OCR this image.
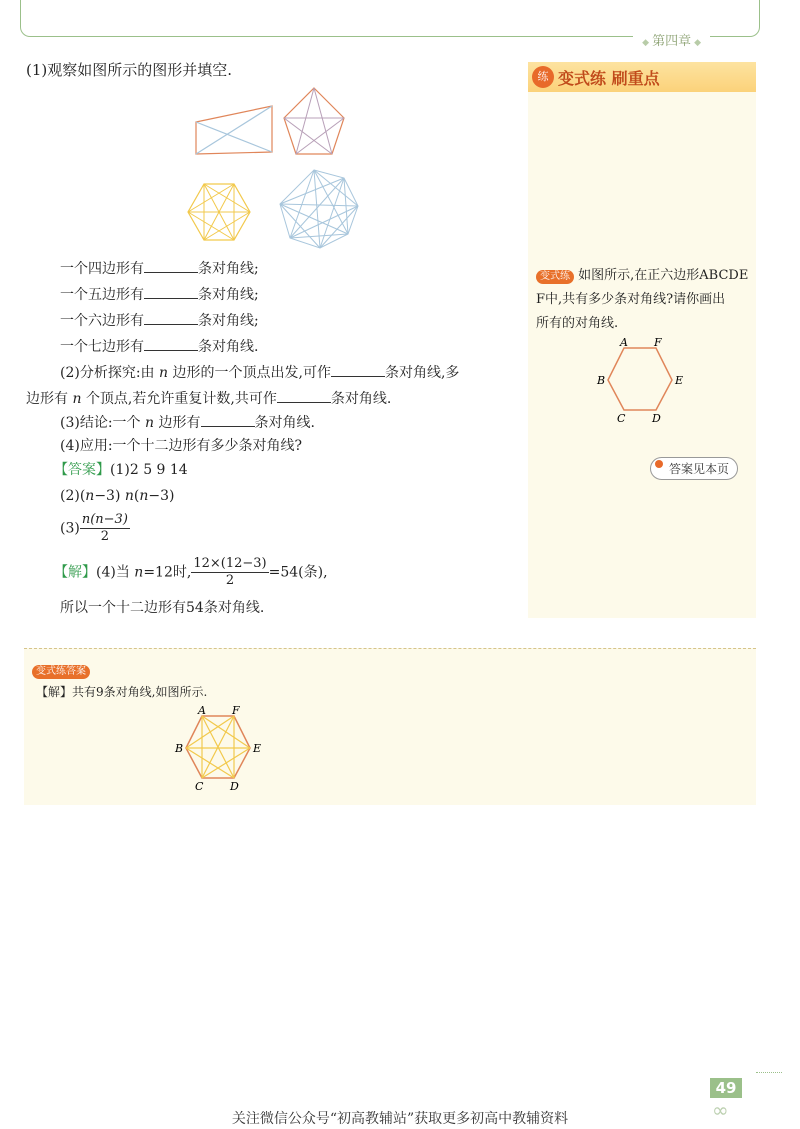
◆ 第四章 ◆
(1)观察如图所示的图形并填空.
一个四边形有	条对角线;
一个五边形有	条对角线;
一个六边形有	条对角线;
一个七边形有	条对角线.
(2)分析探究:由 n 边形的一个顶点出发,可作	条对角线,多
边形有 n 个顶点,若允许重复计数,共可作	条对角线.
(3)结论:一个 n 边形有	条对角线.
(4)应用:一个十二边形有多少条对角线?
【答案】(1)2 5 9 14
(2)(n−3) n(n−3)
$(3) \frac{n(n-3)}{2}$
【解】(4)当 n=12时, $\frac{12\times(12-3)}{2} =54$(条),
所以一个十二边形有54条对角线.
练 变式练 刷重点
变式练 如图所示,在正六边形ABCDE
F中,共有多少条对角线?请你画出
所有的对角线.
A F
B	E
C D
答案见本页
变式练答案
【解】共有9条对角线,如图所示.
A F
B	E
C D
49
∞
关注微信公众号“初高教辅站”获取更多初高中教辅资料
